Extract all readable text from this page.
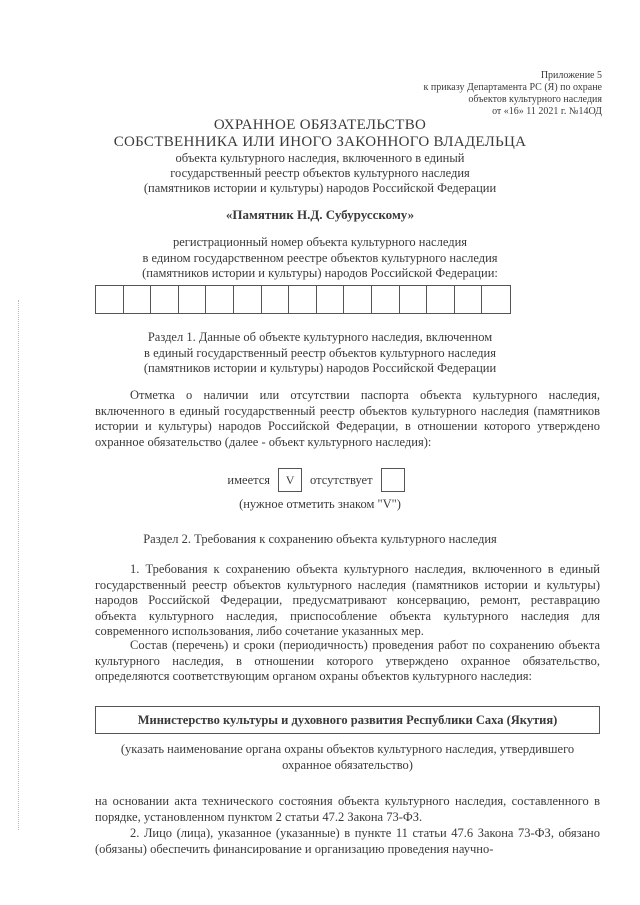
Приложение 5
к приказу Департамента РС (Я) по охране
объектов культурного наследия
от «16» 11 2021 г. №14ОД
ОХРАННОЕ ОБЯЗАТЕЛЬСТВО
СОБСТВЕННИКА ИЛИ ИНОГО ЗАКОННОГО ВЛАДЕЛЬЦА
объекта культурного наследия, включенного в единый
государственный реестр объектов культурного наследия
(памятников истории и культуры) народов Российской Федерации
«Памятник Н.Д. Субурусскому»
регистрационный номер объекта культурного наследия
в едином государственном реестре объектов культурного наследия
(памятников истории и культуры) народов Российской Федерации:
Раздел 1. Данные об объекте культурного наследия, включенном
в единый государственный реестр объектов культурного наследия
(памятников истории и культуры) народов Российской Федерации
Отметка о наличии или отсутствии паспорта объекта культурного наследия, включенного в единый государственный реестр объектов культурного наследия (памятников истории и культуры) народов Российской Федерации, в отношении которого утверждено охранное обязательство (далее - объект культурного наследия):
имеется	V	отсутствует
(нужное отметить знаком "V")
Раздел 2. Требования к сохранению объекта культурного наследия
1. Требования к сохранению объекта культурного наследия, включенного в единый государственный реестр объектов культурного наследия (памятников истории и культуры) народов Российской Федерации, предусматривают консервацию, ремонт, реставрацию объекта культурного наследия, приспособление объекта культурного наследия для современного использования, либо сочетание указанных мер.
Состав (перечень) и сроки (периодичность) проведения работ по сохранению объекта культурного наследия, в отношении которого утверждено охранное обязательство, определяются соответствующим органом охраны объектов культурного наследия:
Министерство культуры и духовного развития Республики Саха (Якутия)
(указать наименование органа охраны объектов культурного наследия, утвердившего охранное обязательство)
на основании акта технического состояния объекта культурного наследия, составленного в порядке, установленном пунктом 2 статьи 47.2 Закона 73-ФЗ.
2. Лицо (лица), указанное (указанные) в пункте 11 статьи 47.6 Закона 73-ФЗ, обязано (обязаны) обеспечить финансирование и организацию проведения научно-
